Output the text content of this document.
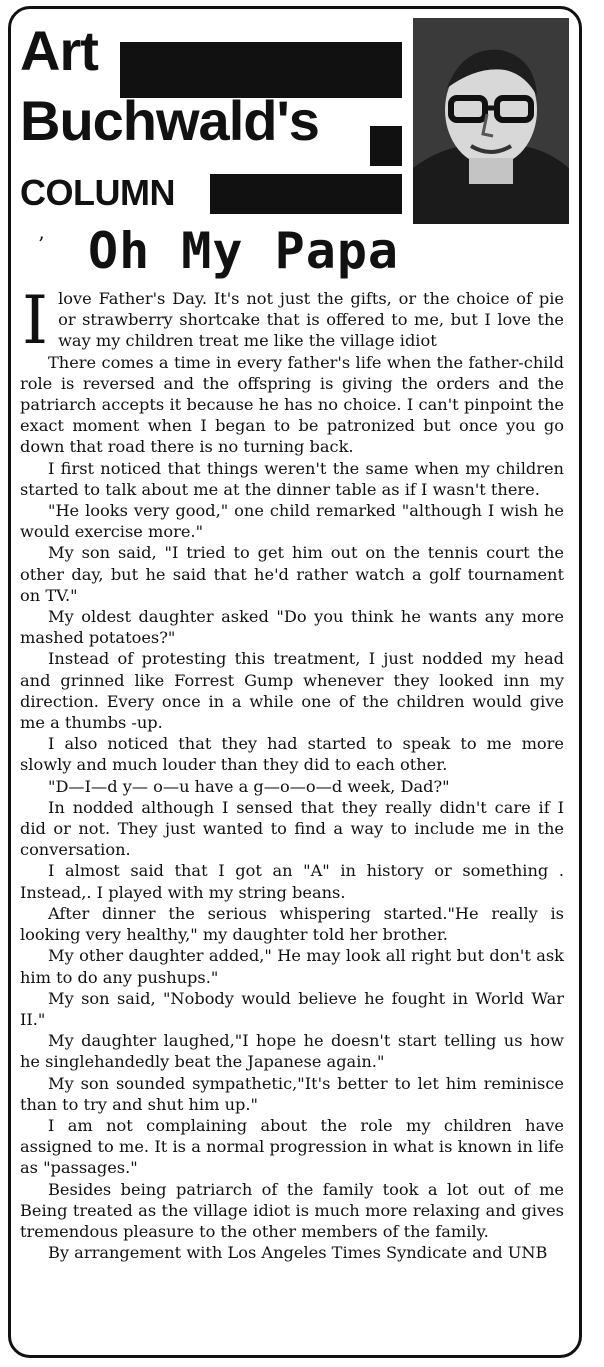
Art
Buchwald's
COLUMN
’ Oh My Papa

I love Father's Day. It's not just the gifts, or the choice of pie or strawberry shortcake that is offered to me, but I love the way my children treat me like the village idiot

There comes a time in every father's life when the father-child role is reversed and the offspring is giving the orders and the patriarch accepts it because he has no choice. I can't pinpoint the exact moment when I began to be patronized but once you go down that road there is no turning back.

I first noticed that things weren't the same when my children started to talk about me at the dinner table as if I wasn't there.

"He looks very good," one child remarked "although I wish he would exercise more."

My son said, "I tried to get him out on the tennis court the other day, but he said that he'd rather watch a golf tournament on TV."

My oldest daughter asked "Do you think he wants any more mashed potatoes?"

Instead of protesting this treatment, I just nodded my head and grinned like Forrest Gump whenever they looked inn my direction. Every once in a while one of the children would give me a thumbs -up.

I also noticed that they had started to speak to me more slowly and much louder than they did to each other.

"D—I—d y— o—u have a g—o—o—d week, Dad?"

In nodded although I sensed that they really didn't care if I did or not. They just wanted to find a way to include me in the conversation.

I almost said that I got an "A" in history or something . Instead,. I played with my string beans.

After dinner the serious whispering started."He really is looking very healthy," my daughter told her brother.

My other daughter added," He may look all right but don't ask him to do any pushups."

My son said, "Nobody would believe he fought in World War II."

My daughter laughed,"I hope he doesn't start telling us how he singlehandedly beat the Japanese again."

My son sounded sympathetic,"It's better to let him reminisce than to try and shut him up."

I am not complaining about the role my children have assigned to me. It is a normal progression in what is known in life as "passages."

Besides being patriarch of the family took a lot out of me Being treated as the village idiot is much more relaxing and gives tremendous pleasure to the other members of the family.

By arrangement with Los Angeles Times Syndicate and UNB
